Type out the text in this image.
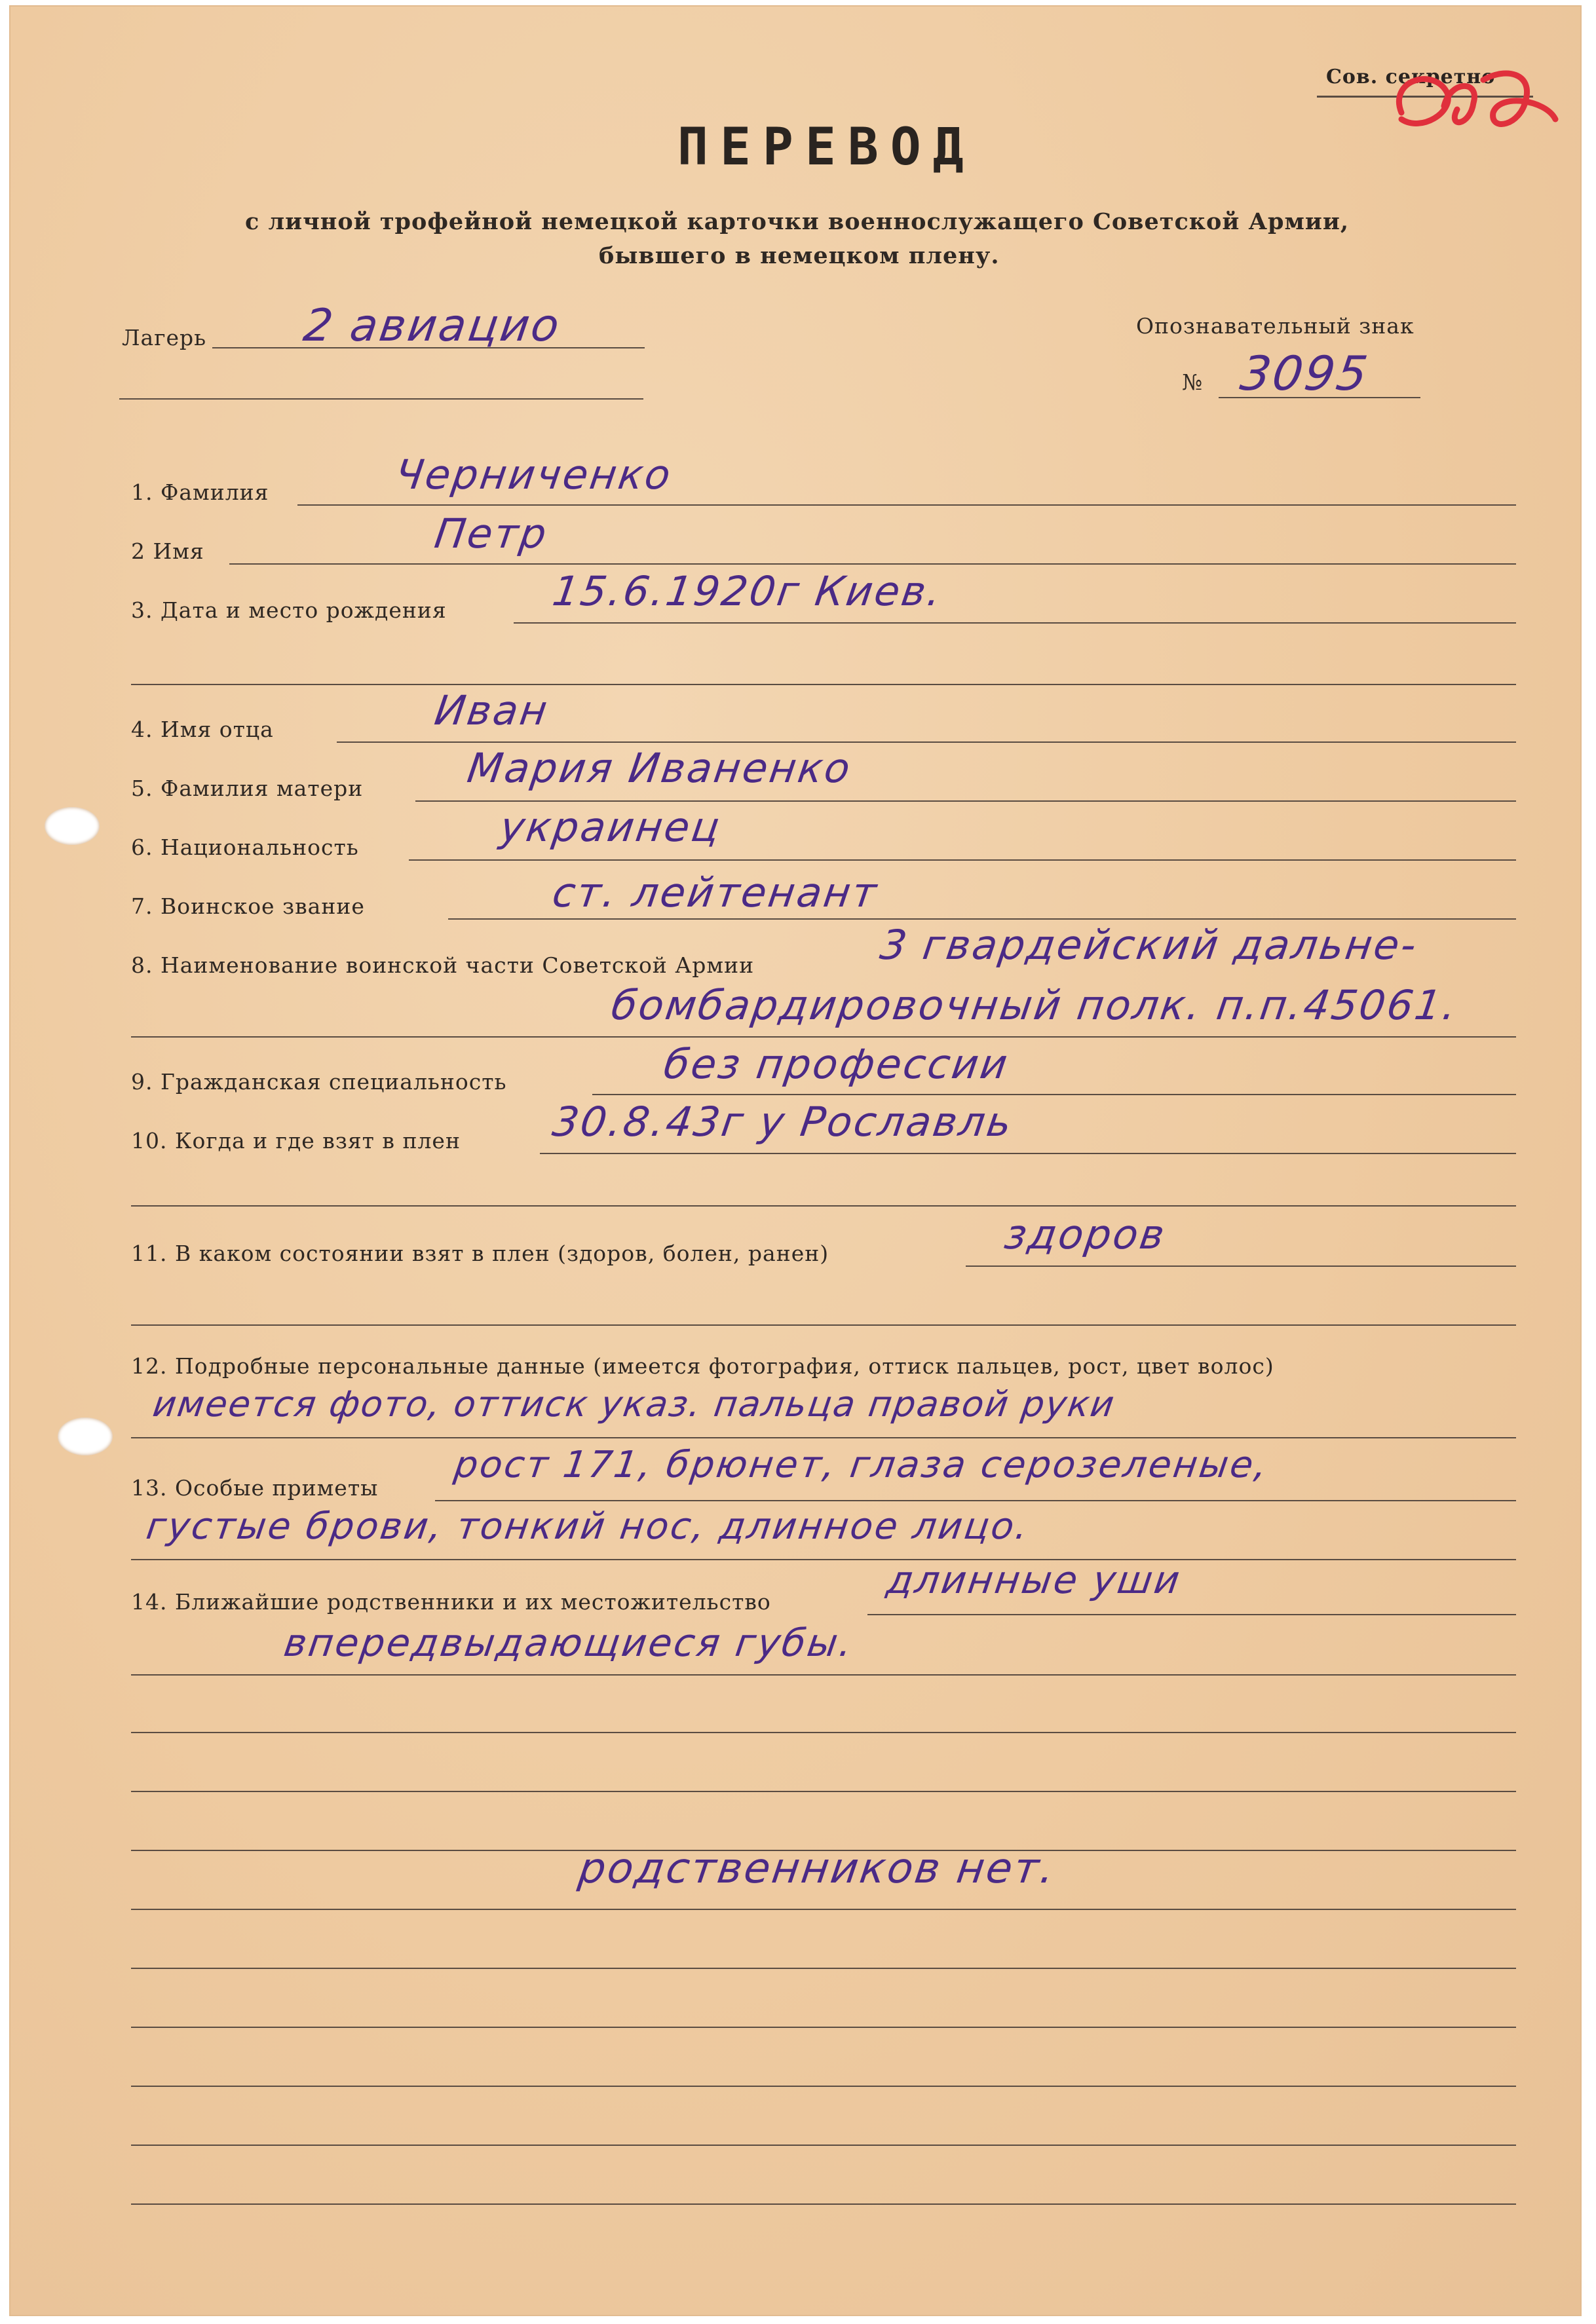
Сов. секретно
ПЕРЕВОД
с личной трофейной немецкой карточки военнослужащего Советской Армии,
бывшего в немецком плену.
Лагерь 2 авиацио	Опознавательный знак
№ 3095
1. Фамилия	Черниченко
2 Имя	Петр
3. Дата и место рождения	15.6.1920г Киев.
4. Имя отца	Иван
5. Фамилия матери Мария Иваненко
6. Национальность	украинец
7. Воинское звание	ст. лейтенант
8. Наименование воинской части Советской Армии	3 гвардейский дальне-
бомбардировочный полк. п.п.45061.
9. Гражданская специальность	без профессии
10. Когда и где взят в плен 30.8.43г у Рославль
11. В каком состоянии взят в плен (здоров, болен, ранен)	здоров
12. Подробные персональные данные (имеется фотография, оттиск пальцев, рост, цвет волос)
имеется фото, оттиск указ. пальца правой руки
13. Особые приметы
рост 171, брюнет, глаза серозеленые,
густые брови, тонкий нос, длинное лицо.
14. Ближайшие родственники и их местожительство	длинные уши
впередвыдающиеся губы.
родственников нет.
